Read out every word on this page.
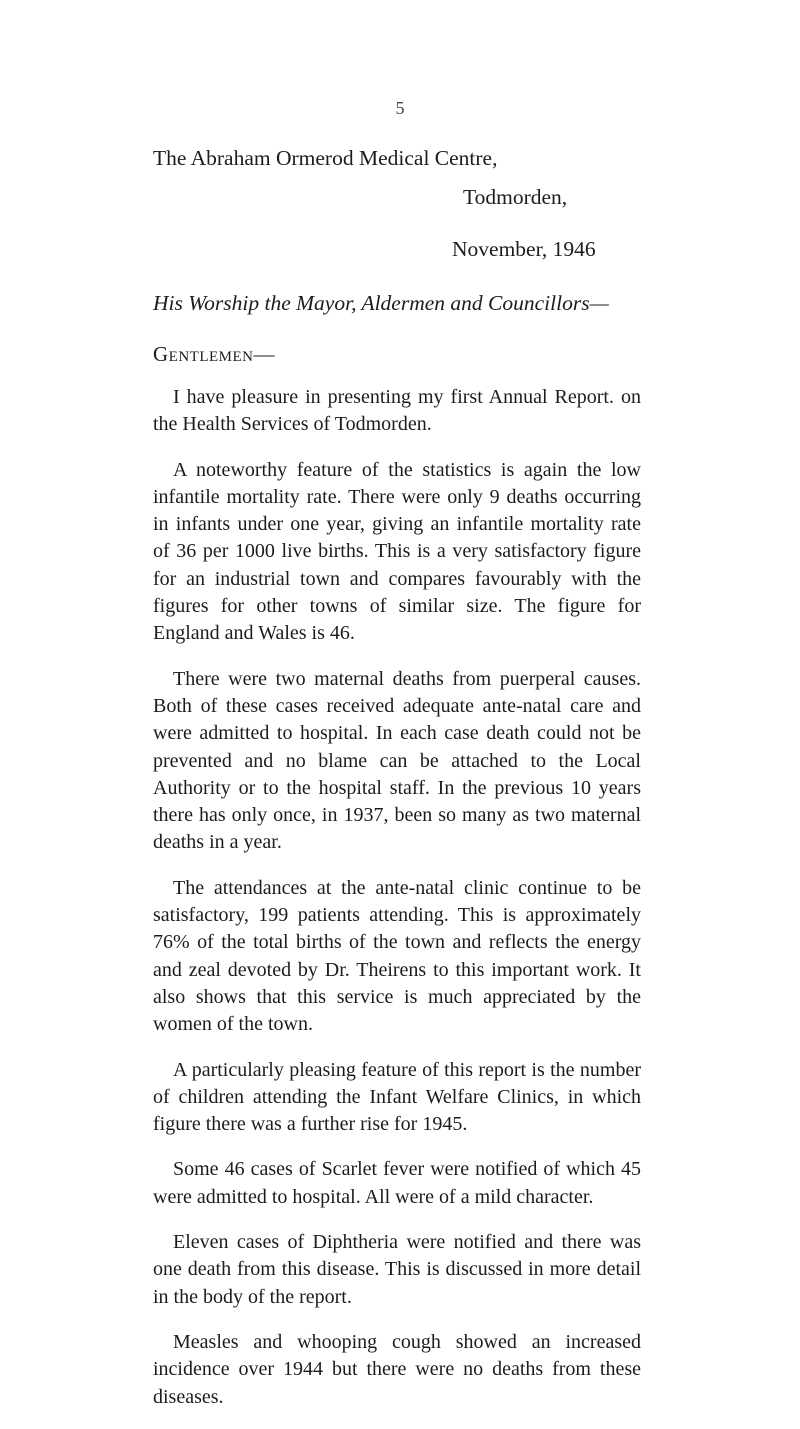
5

The Abraham Ormerod Medical Centre,

Todmorden,

November, 1946

His Worship the Mayor, Aldermen and Councillors—

Gentlemen—

I have pleasure in presenting my first Annual Report. on the Health Services of Todmorden.

A noteworthy feature of the statistics is again the low infantile mortality rate. There were only 9 deaths occurring in infants under one year, giving an infantile mortality rate of 36 per 1000 live births. This is a very satisfactory figure for an industrial town and compares favourably with the figures for other towns of similar size. The figure for England and Wales is 46.

There were two maternal deaths from puerperal causes. Both of these cases received adequate ante-natal care and were admitted to hospital. In each case death could not be prevented and no blame can be attached to the Local Authority or to the hospital staff. In the previous 10 years there has only once, in 1937, been so many as two maternal deaths in a year.

The attendances at the ante-natal clinic continue to be satisfactory, 199 patients attending. This is approximately 76% of the total births of the town and reflects the energy and zeal devoted by Dr. Theirens to this important work. It also shows that this service is much appreciated by the women of the town.

A particularly pleasing feature of this report is the number of children attending the Infant Welfare Clinics, in which figure there was a further rise for 1945.

Some 46 cases of Scarlet fever were notified of which 45 were admitted to hospital. All were of a mild character.

Eleven cases of Diphtheria were notified and there was one death from this disease. This is discussed in more detail in the body of the report.

Measles and whooping cough showed an increased incidence over 1944 but there were no deaths from these diseases.
